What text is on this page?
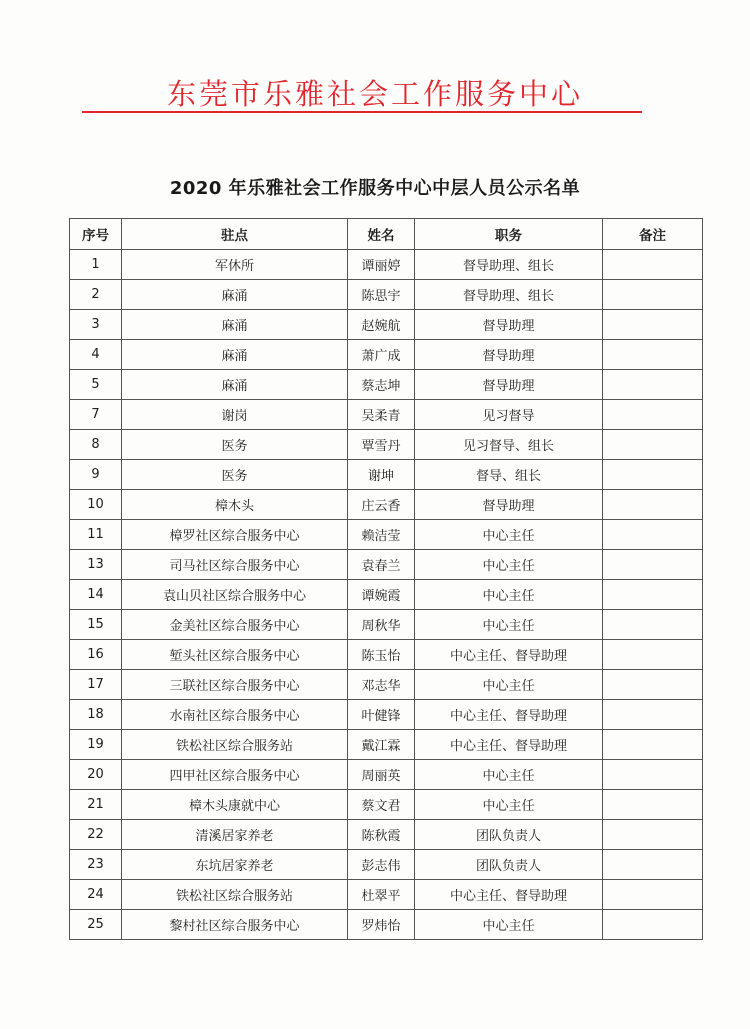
东莞市乐雅社会工作服务中心
2020 年乐雅社会工作服务中心中层人员公示名单
序号	驻点	姓名	职务	备注
1	军休所	谭丽婷	督导助理、组长	
2	麻涌	陈思宇	督导助理、组长	
3	麻涌	赵婉航	督导助理	
4	麻涌	萧广成	督导助理	
5	麻涌	蔡志坤	督导助理	
7	谢岗	吴柔青	见习督导	
8	医务	覃雪丹	见习督导、组长	
9	医务	谢坤	督导、组长	
10	樟木头	庄云香	督导助理	
11	樟罗社区综合服务中心	赖洁莹	中心主任	
13	司马社区综合服务中心	袁春兰	中心主任	
14	袁山贝社区综合服务中心	谭婉霞	中心主任	
15	金美社区综合服务中心	周秋华	中心主任	
16	堑头社区综合服务中心	陈玉怡	中心主任、督导助理	
17	三联社区综合服务中心	邓志华	中心主任	
18	水南社区综合服务中心	叶健锋	中心主任、督导助理	
19	铁松社区综合服务站	戴江霖	中心主任、督导助理	
20	四甲社区综合服务中心	周丽英	中心主任	
21	樟木头康就中心	蔡文君	中心主任	
22	清溪居家养老	陈秋霞	团队负责人	
23	东坑居家养老	彭志伟	团队负责人	
24	铁松社区综合服务站	杜翠平	中心主任、督导助理	
25	黎村社区综合服务中心	罗炜怡	中心主任	
